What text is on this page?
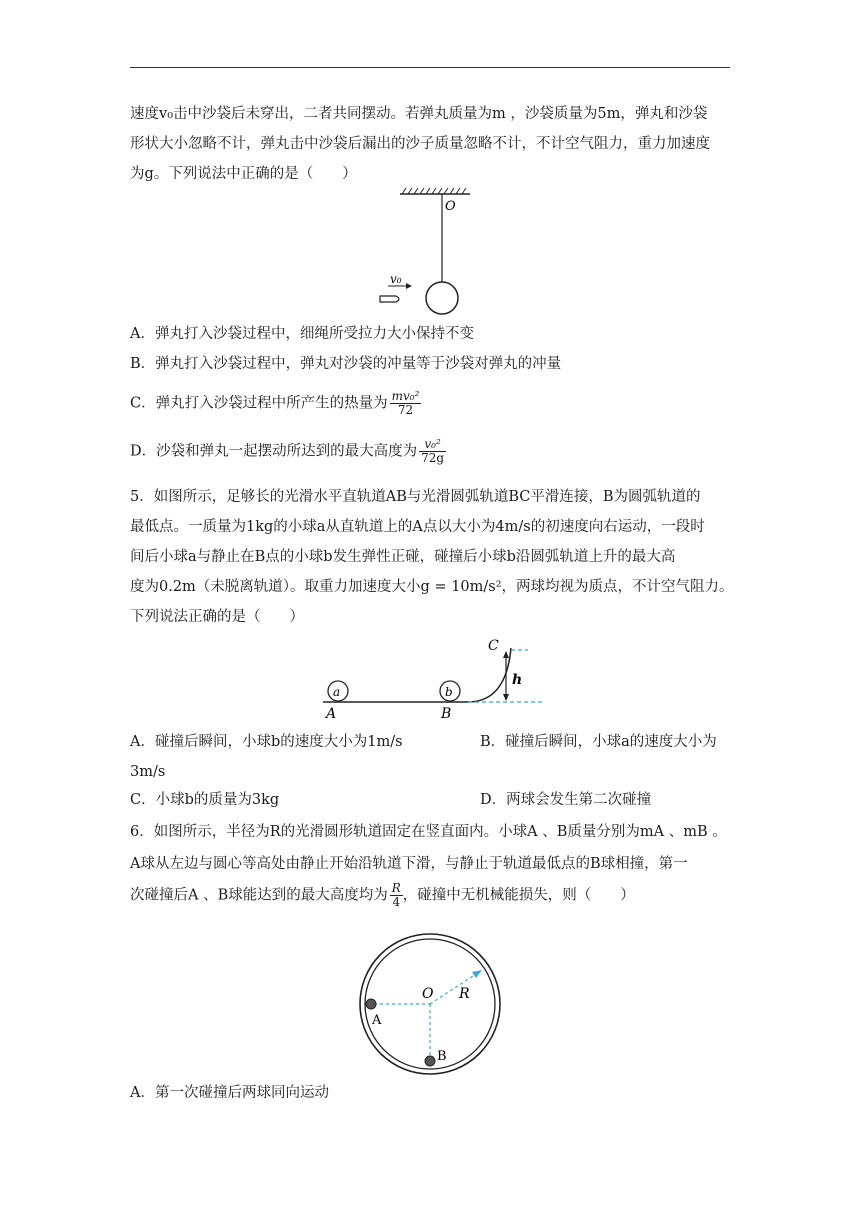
速度v₀击中沙袋后未穿出，二者共同摆动。若弹丸质量为m ，沙袋质量为5m，弹丸和沙袋
形状大小忽略不计，弹丸击中沙袋后漏出的沙子质量忽略不计，不计空气阻力，重力加速度
为g。下列说法中正确的是（　　）
O
v₀
A．弹丸打入沙袋过程中，细绳所受拉力大小保持不变
B．弹丸打入沙袋过程中，弹丸对沙袋的冲量等于沙袋对弹丸的冲量
C．弹丸打入沙袋过程中所产生的热量为 $\frac{\text{mv₀²}}{72}$
D．沙袋和弹丸一起摆动所达到的最大高度为 $\frac{\text{v₀²}}{72g}$
5．如图所示，足够长的光滑水平直轨道AB与光滑圆弧轨道BC平滑连接，B为圆弧轨道的
最低点。一质量为1kg的小球a从直轨道上的A点以大小为4m/s的初速度向右运动，一段时
间后小球a与静止在B点的小球b发生弹性正碰，碰撞后小球b沿圆弧轨道上升的最大高
度为0.2m（未脱离轨道）。取重力加速度大小g = 10m/s²，两球均视为质点，不计空气阻力。
下列说法正确的是（　　）
h
C
a	b
A	B
A．碰撞后瞬间，小球b的速度大小为1m/s	B．碰撞后瞬间，小球a的速度大小为
3m/s
C．小球b的质量为3kg	D．两球会发生第二次碰撞
6．如图所示，半径为R的光滑圆形轨道固定在竖直面内。小球A 、B质量分别为mA 、mB 。
A球从左边与圆心等高处由静止开始沿轨道下滑，与静止于轨道最低点的B球相撞，第一
次碰撞后A 、B球能达到的最大高度均为 $\frac{R}{4}$ ，碰撞中无机械能损失，则（　　）
O R
A
B
A．第一次碰撞后两球同向运动
